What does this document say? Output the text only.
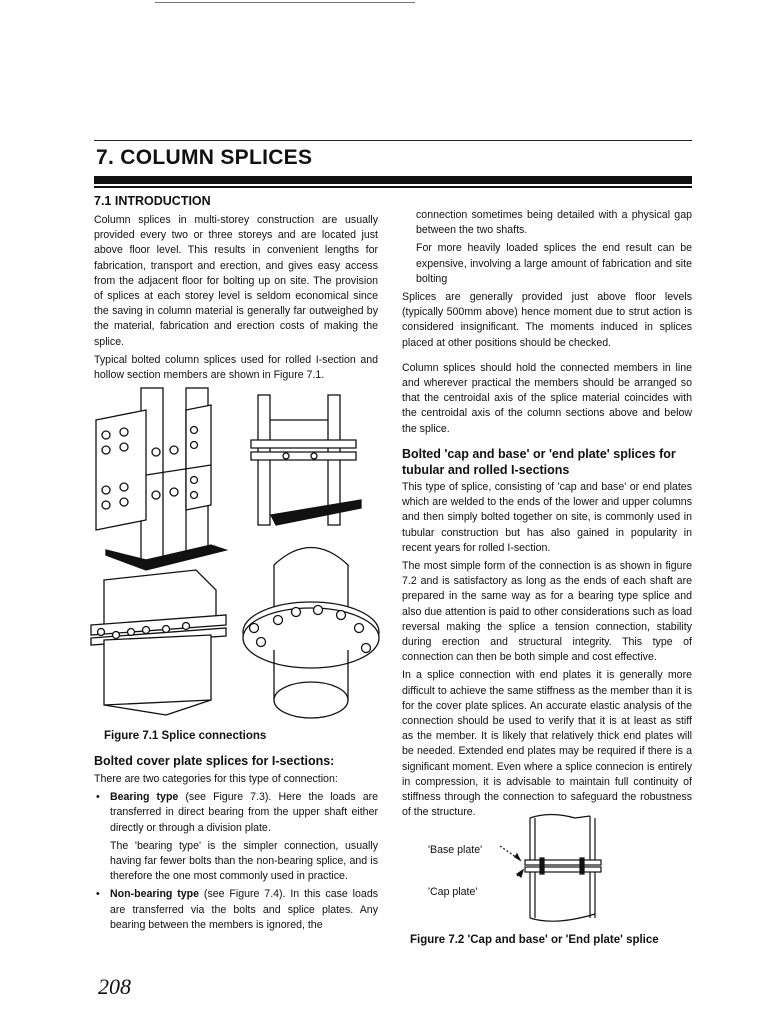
7. COLUMN SPLICES
7.1 INTRODUCTION
Column splices in multi-storey construction are usually provided every two or three storeys and are located just above floor level. This results in convenient lengths for fabrication, transport and erection, and gives easy access from the adjacent floor for bolting up on site. The provision of splices at each storey level is seldom economical since the saving in column material is generally far outweighed by the material, fabrication and erection costs of making the splice.
Typical bolted column splices used for rolled I-section and hollow section members are shown in Figure 7.1.
Figure 7.1 Splice connections
Bolted cover plate splices for I-sections:
There are two categories for this type of connection:
• Bearing type (see Figure 7.3). Here the loads are transferred in direct bearing from the upper shaft either directly or through a division plate.
The 'bearing type' is the simpler connection, usually having far fewer bolts than the non-bearing splice, and is therefore the one most commonly used in practice.
• Non-bearing type (see Figure 7.4). In this case loads are transferred via the bolts and splice plates. Any bearing between the members is ignored, the
connection sometimes being detailed with a physical gap between the two shafts.
For more heavily loaded splices the end result can be expensive, involving a large amount of fabrication and site bolting
Splices are generally provided just above floor levels (typically 500mm above) hence moment due to strut action is considered insignificant. The moments induced in splices placed at other positions should be checked.
Column splices should hold the connected members in line and wherever practical the members should be arranged so that the centroidal axis of the splice material coincides with the centroidal axis of the column sections above and below the splice.
Bolted 'cap and base' or 'end plate' splices for tubular and rolled I-sections
This type of splice, consisting of 'cap and base' or end plates which are welded to the ends of the lower and upper columns and then simply bolted together on site, is commonly used in tubular construction but has also gained in popularity in recent years for rolled I-section.
The most simple form of the connection is as shown in figure 7.2 and is satisfactory as long as the ends of each shaft are prepared in the same way as for a bearing type splice and also due attention is paid to other considerations such as load reversal making the splice a tension connection, stability during erection and structural integrity. This type of connection can then be both simple and cost effective.
In a splice connection with end plates it is generally more difficult to achieve the same stiffness as the member than it is for the cover plate splices. An accurate elastic analysis of the connection should be used to verify that it is at least as stiff as the member. It is likely that relatively thick end plates will be needed. Extended end plates may be required if there is a significant moment. Even where a splice connecion is entirely in compression, it is advisable to maintain full continuity of stiffness through the connection to safeguard the robustness of the structure.
'Base plate'
'Cap plate'
Figure 7.2 'Cap and base' or 'End plate' splice
208
